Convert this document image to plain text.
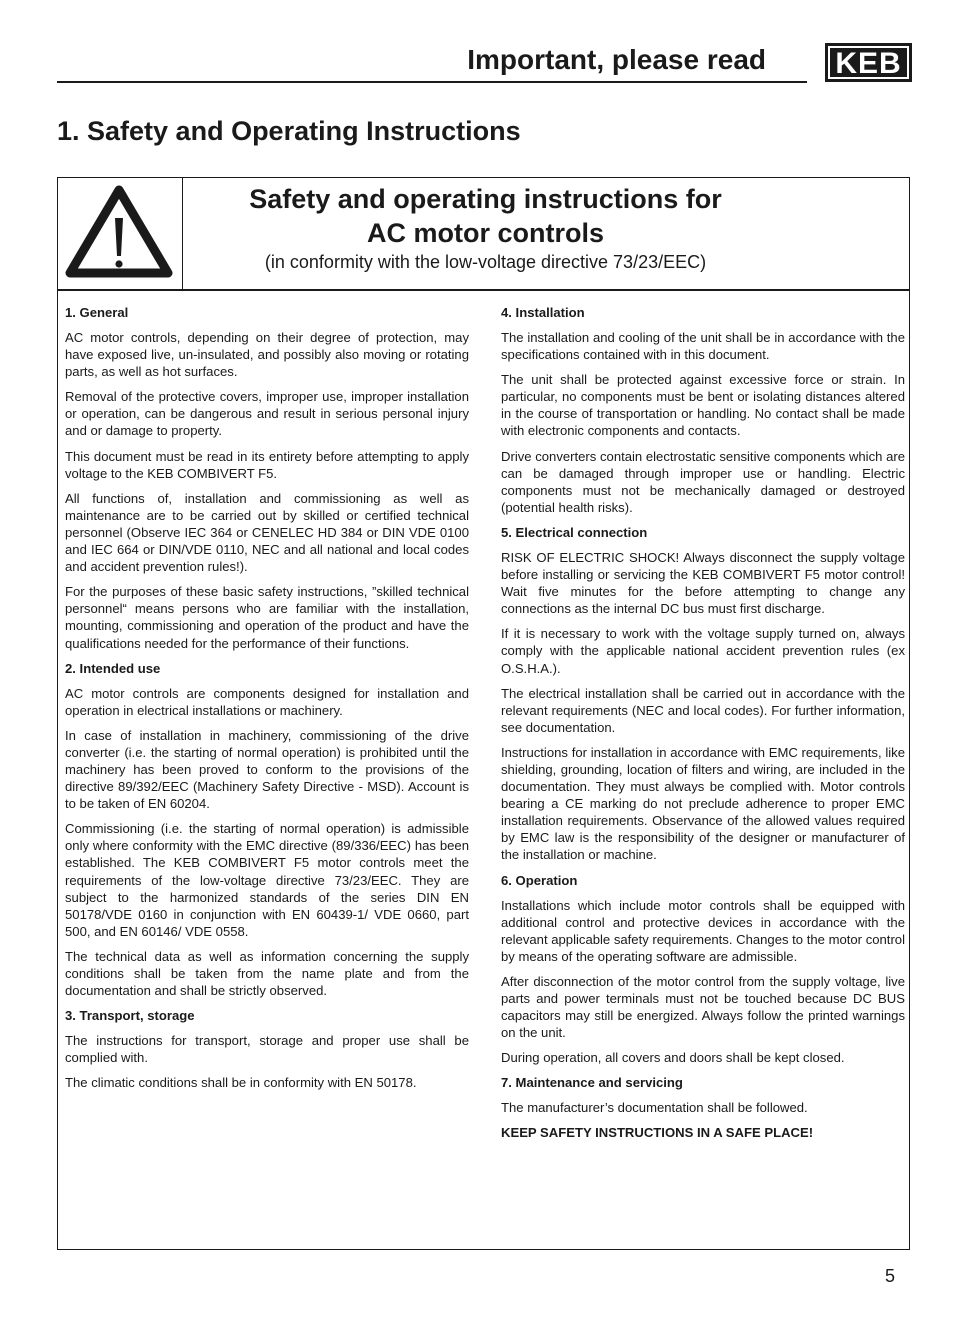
Important, please read KEB
1. Safety and Operating Instructions
Safety and operating instructions for
AC motor controls
(in conformity with the low-voltage directive 73/23/EEC)
1. General

AC motor controls, depending on their degree of protection, may have exposed live, un-insulated, and possibly also moving or rotating parts, as well as hot surfaces.

Removal of the protective covers, improper use, improper installation or operation, can be dangerous and result in serious personal injury and or damage to property.

This document must be read in its entirety before attempting to apply voltage to the KEB COMBIVERT F5.

All functions of, installation and commissioning as well as maintenance are to be carried out by skilled or certified technical personnel (Observe IEC 364 or CENELEC HD 384 or DIN VDE 0100 and IEC 664 or DIN/VDE 0110, NEC and all national and local codes and accident prevention rules!).

For the purposes of these basic safety instructions, ”skilled technical personnel“ means persons who are familiar with the installation, mounting, commissioning and operation of the product and have the qualifications needed for the performance of their functions.

2. Intended use

AC motor controls are components designed for installation and operation in electrical installations or machinery.

In case of installation in machinery, commissioning of the drive converter (i.e. the starting of normal operation) is prohibited until the machinery has been proved to conform to the provisions of the directive 89/392/EEC (Machinery Safety Directive - MSD). Account is to be taken of EN 60204.

Commissioning (i.e. the starting of normal operation) is admissible only where conformity with the EMC directive (89/336/EEC) has been established. The KEB COMBIVERT F5 motor controls meet the requirements of the low-voltage directive 73/23/EEC. They are subject to the harmonized standards of the series DIN EN 50178/VDE 0160 in conjunction with EN 60439-1/ VDE 0660, part 500, and EN 60146/ VDE 0558.

The technical data as well as information concerning the supply conditions shall be taken from the name plate and from the documentation and shall be strictly observed.

3. Transport, storage

The instructions for transport, storage and proper use shall be complied with.

The climatic conditions shall be in conformity with EN 50178.

4. Installation

The installation and cooling of the unit shall be in accordance with the specifications contained with in this document.

The unit shall be protected against excessive force or strain. In particular, no components must be bent or isolating distances altered in the course of transportation or handling. No contact shall be made with electronic components and contacts.

Drive converters contain electrostatic sensitive components which are can be damaged through improper use or handling. Electric components must not be mechanically damaged or destroyed (potential health risks).

5. Electrical connection

RISK OF ELECTRIC SHOCK! Always disconnect the supply voltage before installing or servicing the KEB COMBIVERT F5 motor control! Wait five minutes for the before attempting to change any connections as the internal DC bus must first discharge.

If it is necessary to work with the voltage supply turned on, always comply with the applicable national accident prevention rules (ex O.S.H.A.).

The electrical installation shall be carried out in accordance with the relevant requirements (NEC and local codes). For further information, see documentation.

Instructions for installation in accordance with EMC requirements, like shielding, grounding, location of filters and wiring, are included in the documentation. They must always be complied with. Motor controls bearing a CE marking do not preclude adherence to proper EMC installation requirements. Observance of the allowed values required by EMC law is the responsibility of the designer or manufacturer of the installation or machine.

6. Operation

Installations which include motor controls shall be equipped with additional control and protective devices in accordance with the relevant applicable safety requirements. Changes to the motor control by means of the operating software are admissible.

After disconnection of the motor control from the supply voltage, live parts and power terminals must not be touched because DC BUS capacitors may still be energized. Always follow the printed warnings on the unit.

During operation, all covers and doors shall be kept closed.

7. Maintenance and servicing

The manufacturer’s documentation shall be followed.

KEEP SAFETY INSTRUCTIONS IN A SAFE PLACE!

5
